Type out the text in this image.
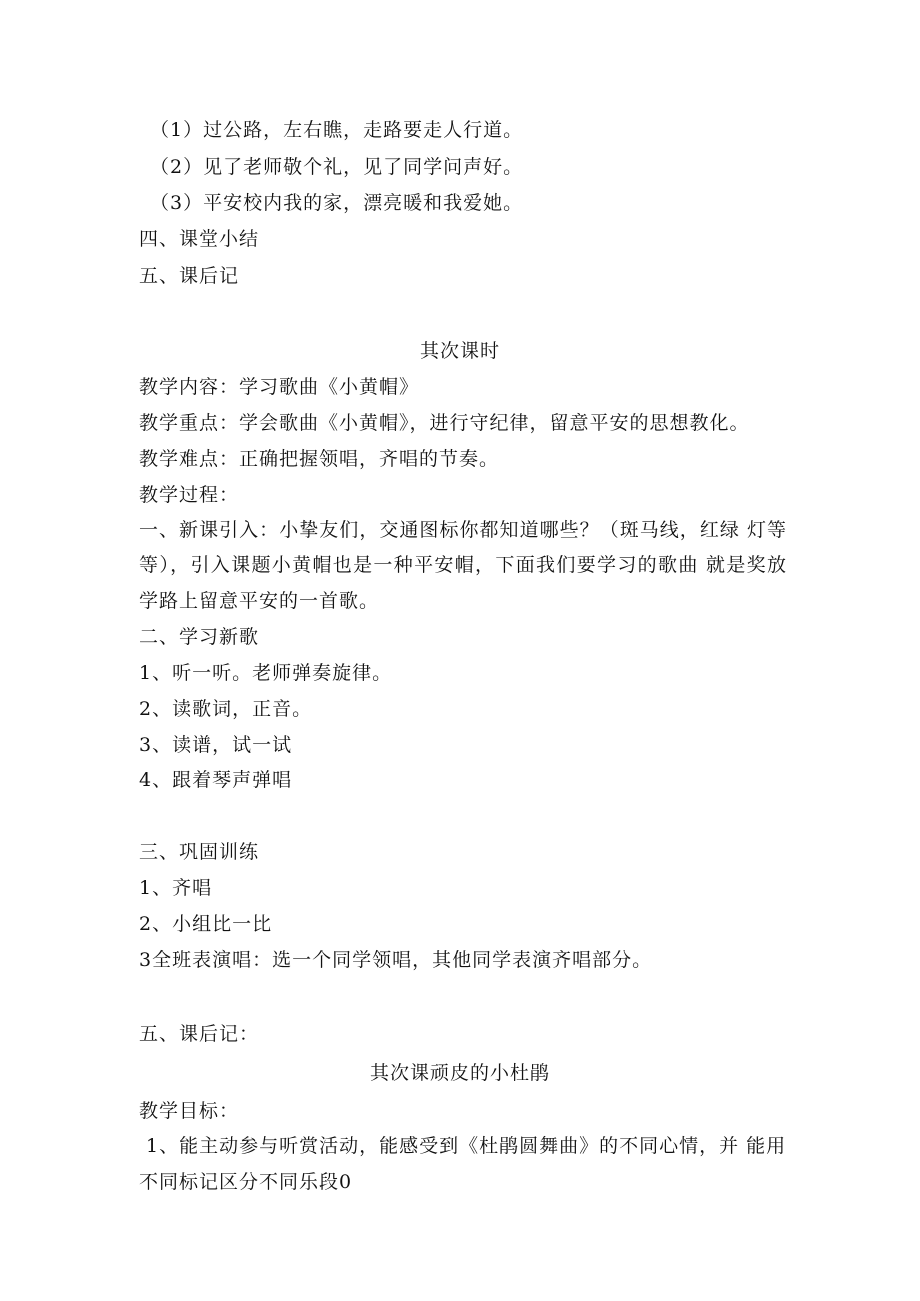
（1）过公路，左右瞧，走路要走人行道。
（2）见了老师敬个礼，见了同学问声好。
（3）平安校内我的家，漂亮暖和我爱她。
四、课堂小结
五、课后记
其次课时
教学内容：学习歌曲《小黄帽》
教学重点：学会歌曲《小黄帽》，进行守纪律，留意平安的思想教化。
教学难点：正确把握领唱，齐唱的节奏。
教学过程：
一、新课引入：小挚友们，交通图标你都知道哪些？（斑马线，红绿 灯等
等），引入课题小黄帽也是一种平安帽，下面我们要学习的歌曲 就是奖放
学路上留意平安的一首歌。
二、学习新歌
1、听一听。老师弹奏旋律。
2、读歌词，正音。
3、读谱，试一试
4、跟着琴声弹唱
三、巩固训练
1、齐唱
2、小组比一比
3全班表演唱：选一个同学领唱，其他同学表演齐唱部分。
五、课后记：
其次课顽皮的小杜鹃
教学目标：
1、能主动参与听赏活动，能感受到《杜鹃圆舞曲》的不同心情，并 能用
不同标记区分不同乐段0
